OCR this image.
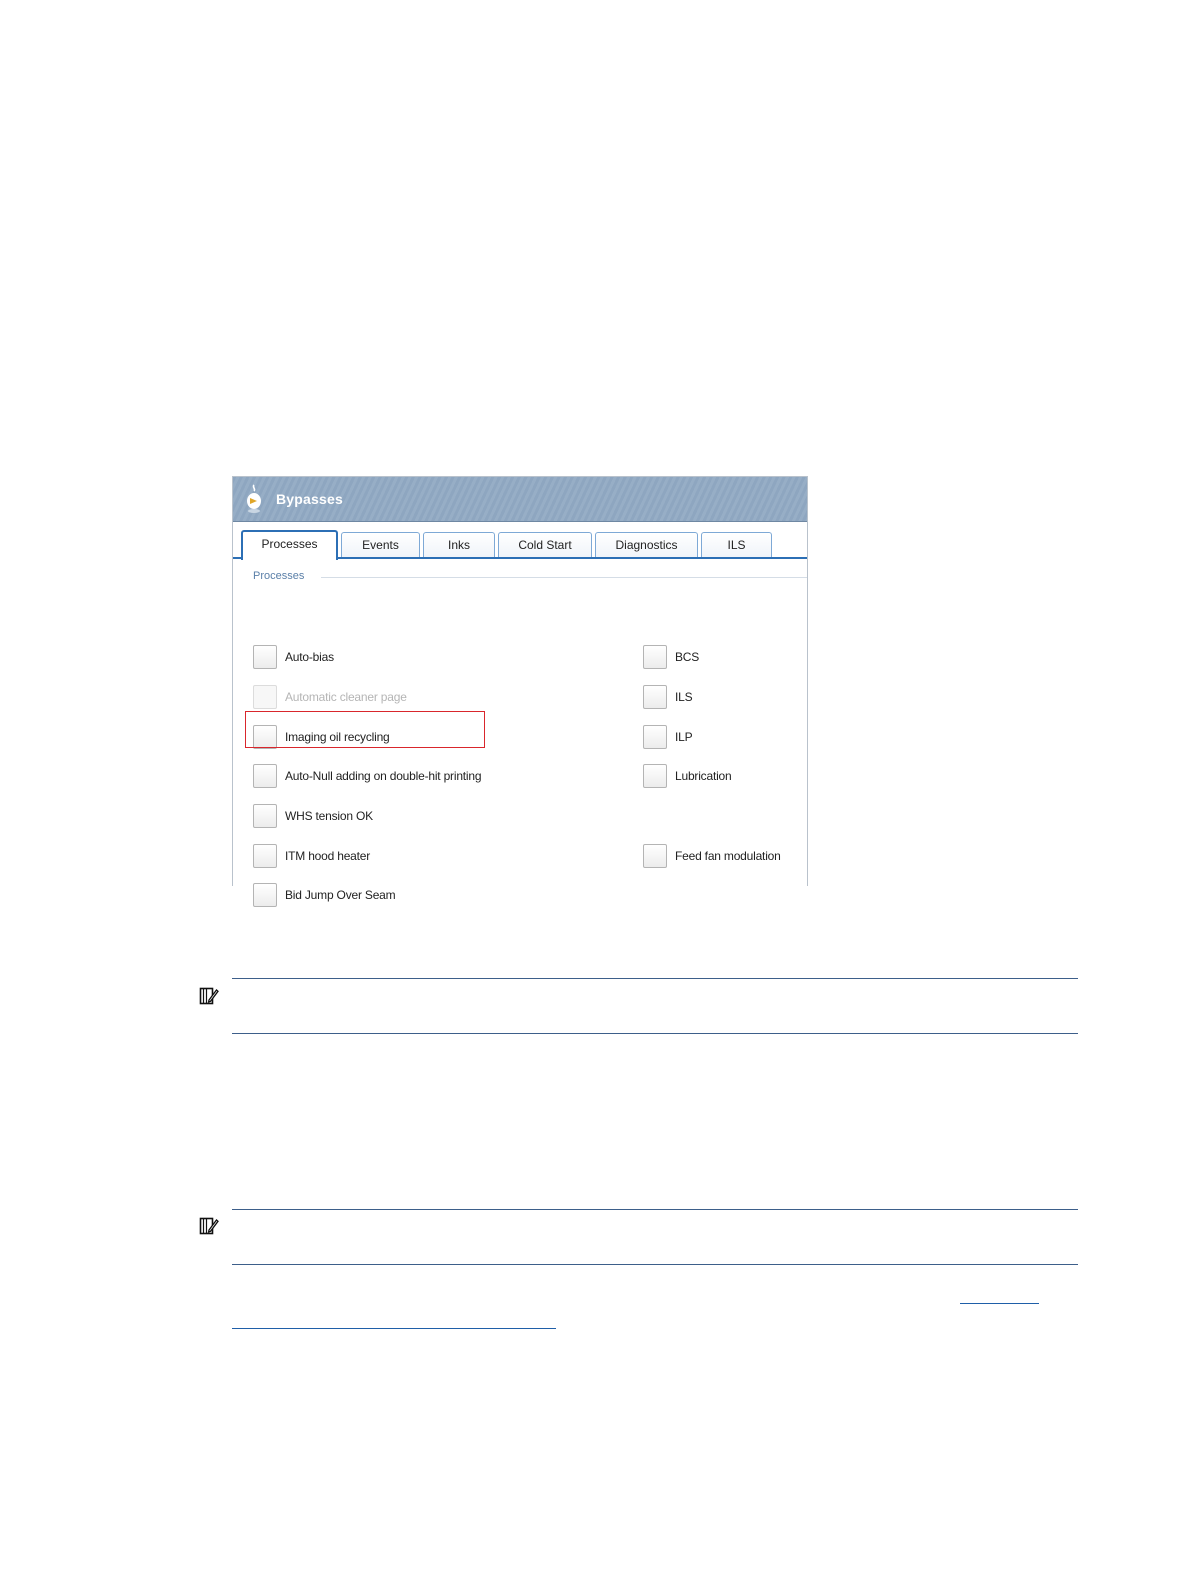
Bypasses
Processes	Events	Inks	Cold Start	Diagnostics	ILS
Processes
Auto-bias
Automatic cleaner page
Imaging oil recycling
Auto-Null adding on double-hit printing
WHS tension OK
ITM hood heater
Bid Jump Over Seam
BCS
ILS
ILP
Lubrication
Feed fan modulation
